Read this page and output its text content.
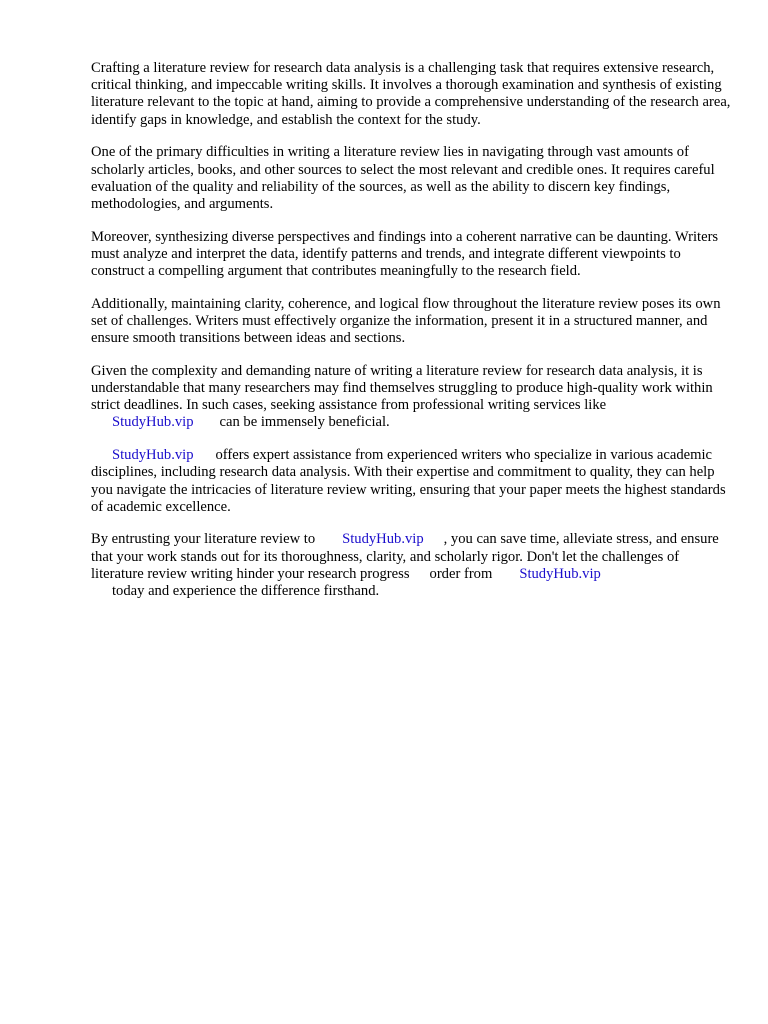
Crafting a literature review for research data analysis is a challenging task that requires extensive research, critical thinking, and impeccable writing skills. It involves a thorough examination and synthesis of existing literature relevant to the topic at hand, aiming to provide a comprehensive understanding of the research area, identify gaps in knowledge, and establish the context for the study.

One of the primary difficulties in writing a literature review lies in navigating through vast amounts of scholarly articles, books, and other sources to select the most relevant and credible ones. It requires careful evaluation of the quality and reliability of the sources, as well as the ability to discern key findings, methodologies, and arguments.

Moreover, synthesizing diverse perspectives and findings into a coherent narrative can be daunting. Writers must analyze and interpret the data, identify patterns and trends, and integrate different viewpoints to construct a compelling argument that contributes meaningfully to the research field.

Additionally, maintaining clarity, coherence, and logical flow throughout the literature review poses its own set of challenges. Writers must effectively organize the information, present it in a structured manner, and ensure smooth transitions between ideas and sections.

Given the complexity and demanding nature of writing a literature review for research data analysis, it is understandable that many researchers may find themselves struggling to produce high-quality work within strict deadlines. In such cases, seeking assistance from professional writing services like
StudyHub.vip can be immensely beneficial.

StudyHub.vip offers expert assistance from experienced writers who specialize in various academic disciplines, including research data analysis. With their expertise and commitment to quality, they can help you navigate the intricacies of literature review writing, ensuring that your paper meets the highest standards of academic excellence.

By entrusting your literature review to StudyHub.vip , you can save time, alleviate stress, and ensure that your work stands out for its thoroughness, clarity, and scholarly rigor. Don't let the challenges of literature review writing hinder your research progress order from StudyHub.vip
today and experience the difference firsthand.
